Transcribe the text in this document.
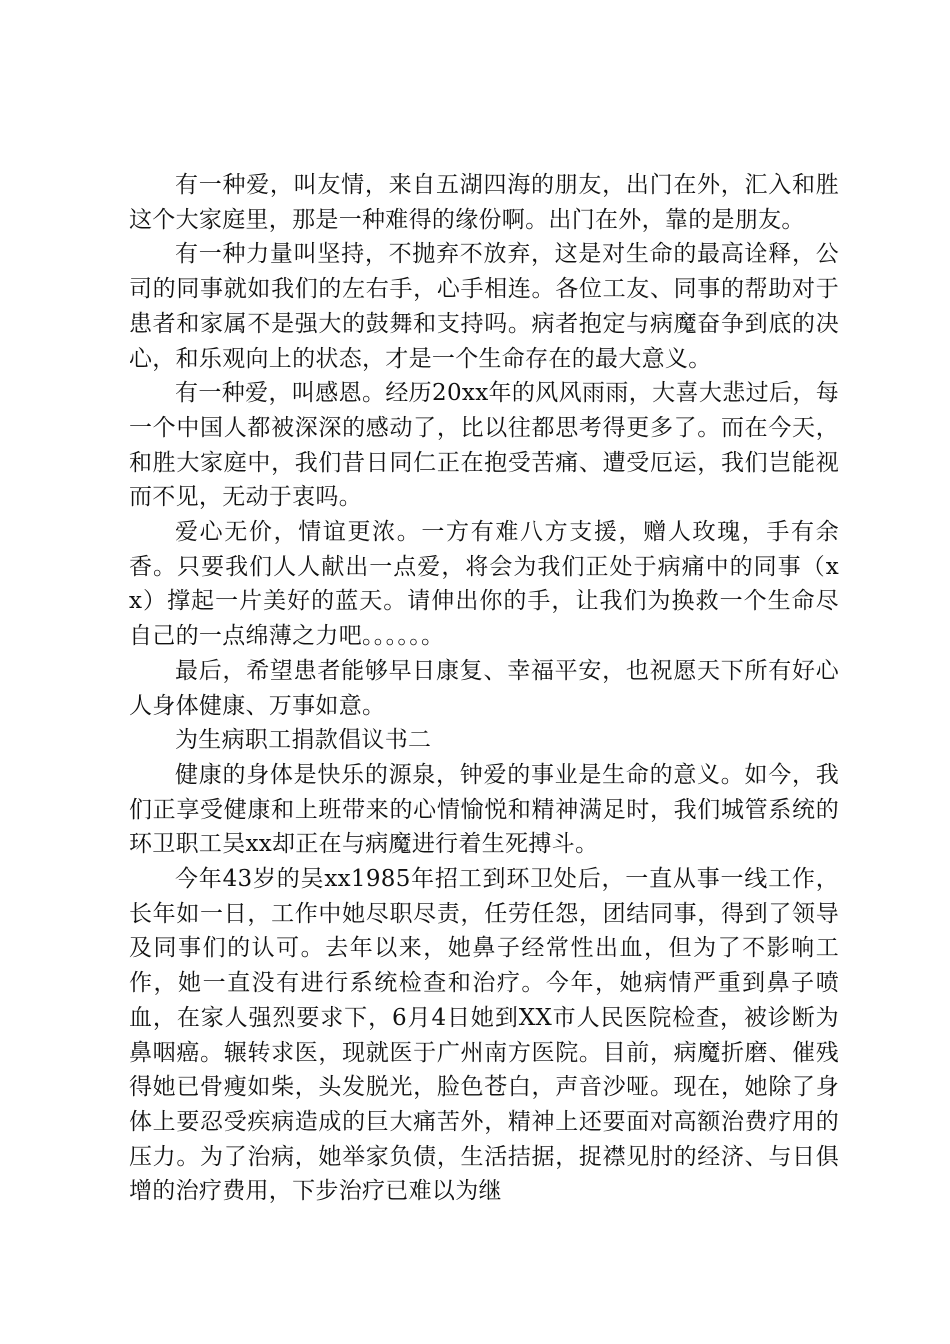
有一种爱，叫友情，来自五湖四海的朋友，出门在外，汇入和胜这个大家庭里，那是一种难得的缘份啊。出门在外，靠的是朋友。

有一种力量叫坚持，不抛弃不放弃，这是对生命的最高诠释，公司的同事就如我们的左右手，心手相连。各位工友、同事的帮助对于患者和家属不是强大的鼓舞和支持吗。病者抱定与病魔奋争到底的决心，和乐观向上的状态，才是一个生命存在的最大意义。

有一种爱，叫感恩。经历20xx年的风风雨雨，大喜大悲过后，每一个中国人都被深深的感动了，比以往都思考得更多了。而在今天，和胜大家庭中，我们昔日同仁正在抱受苦痛、遭受厄运，我们岂能视而不见，无动于衷吗。

爱心无价，情谊更浓。一方有难八方支援，赠人玫瑰，手有余香。只要我们人人献出一点爱，将会为我们正处于病痛中的同事（xx）撑起一片美好的蓝天。请伸出你的手，让我们为换救一个生命尽自己的一点绵薄之力吧。。。。。。

最后，希望患者能够早日康复、幸福平安，也祝愿天下所有好心人身体健康、万事如意。

为生病职工捐款倡议书二

健康的身体是快乐的源泉，钟爱的事业是生命的意义。如今，我们正享受健康和上班带来的心情愉悦和精神满足时，我们城管系统的环卫职工吴xx却正在与病魔进行着生死搏斗。

今年43岁的吴xx1985年招工到环卫处后，一直从事一线工作，长年如一日，工作中她尽职尽责，任劳任怨，团结同事，得到了领导及同事们的认可。去年以来，她鼻子经常性出血，但为了不影响工作，她一直没有进行系统检查和治疗。今年，她病情严重到鼻子喷血，在家人强烈要求下，6月4日她到XX市人民医院检查，被诊断为鼻咽癌。辗转求医，现就医于广州南方医院。目前，病魔折磨、催残得她已骨瘦如柴，头发脱光，脸色苍白，声音沙哑。现在，她除了身体上要忍受疾病造成的巨大痛苦外，精神上还要面对高额治费疗用的压力。为了治病，她举家负债，生活拮据，捉襟见肘的经济、与日俱增的治疗费用，下步治疗已难以为继
